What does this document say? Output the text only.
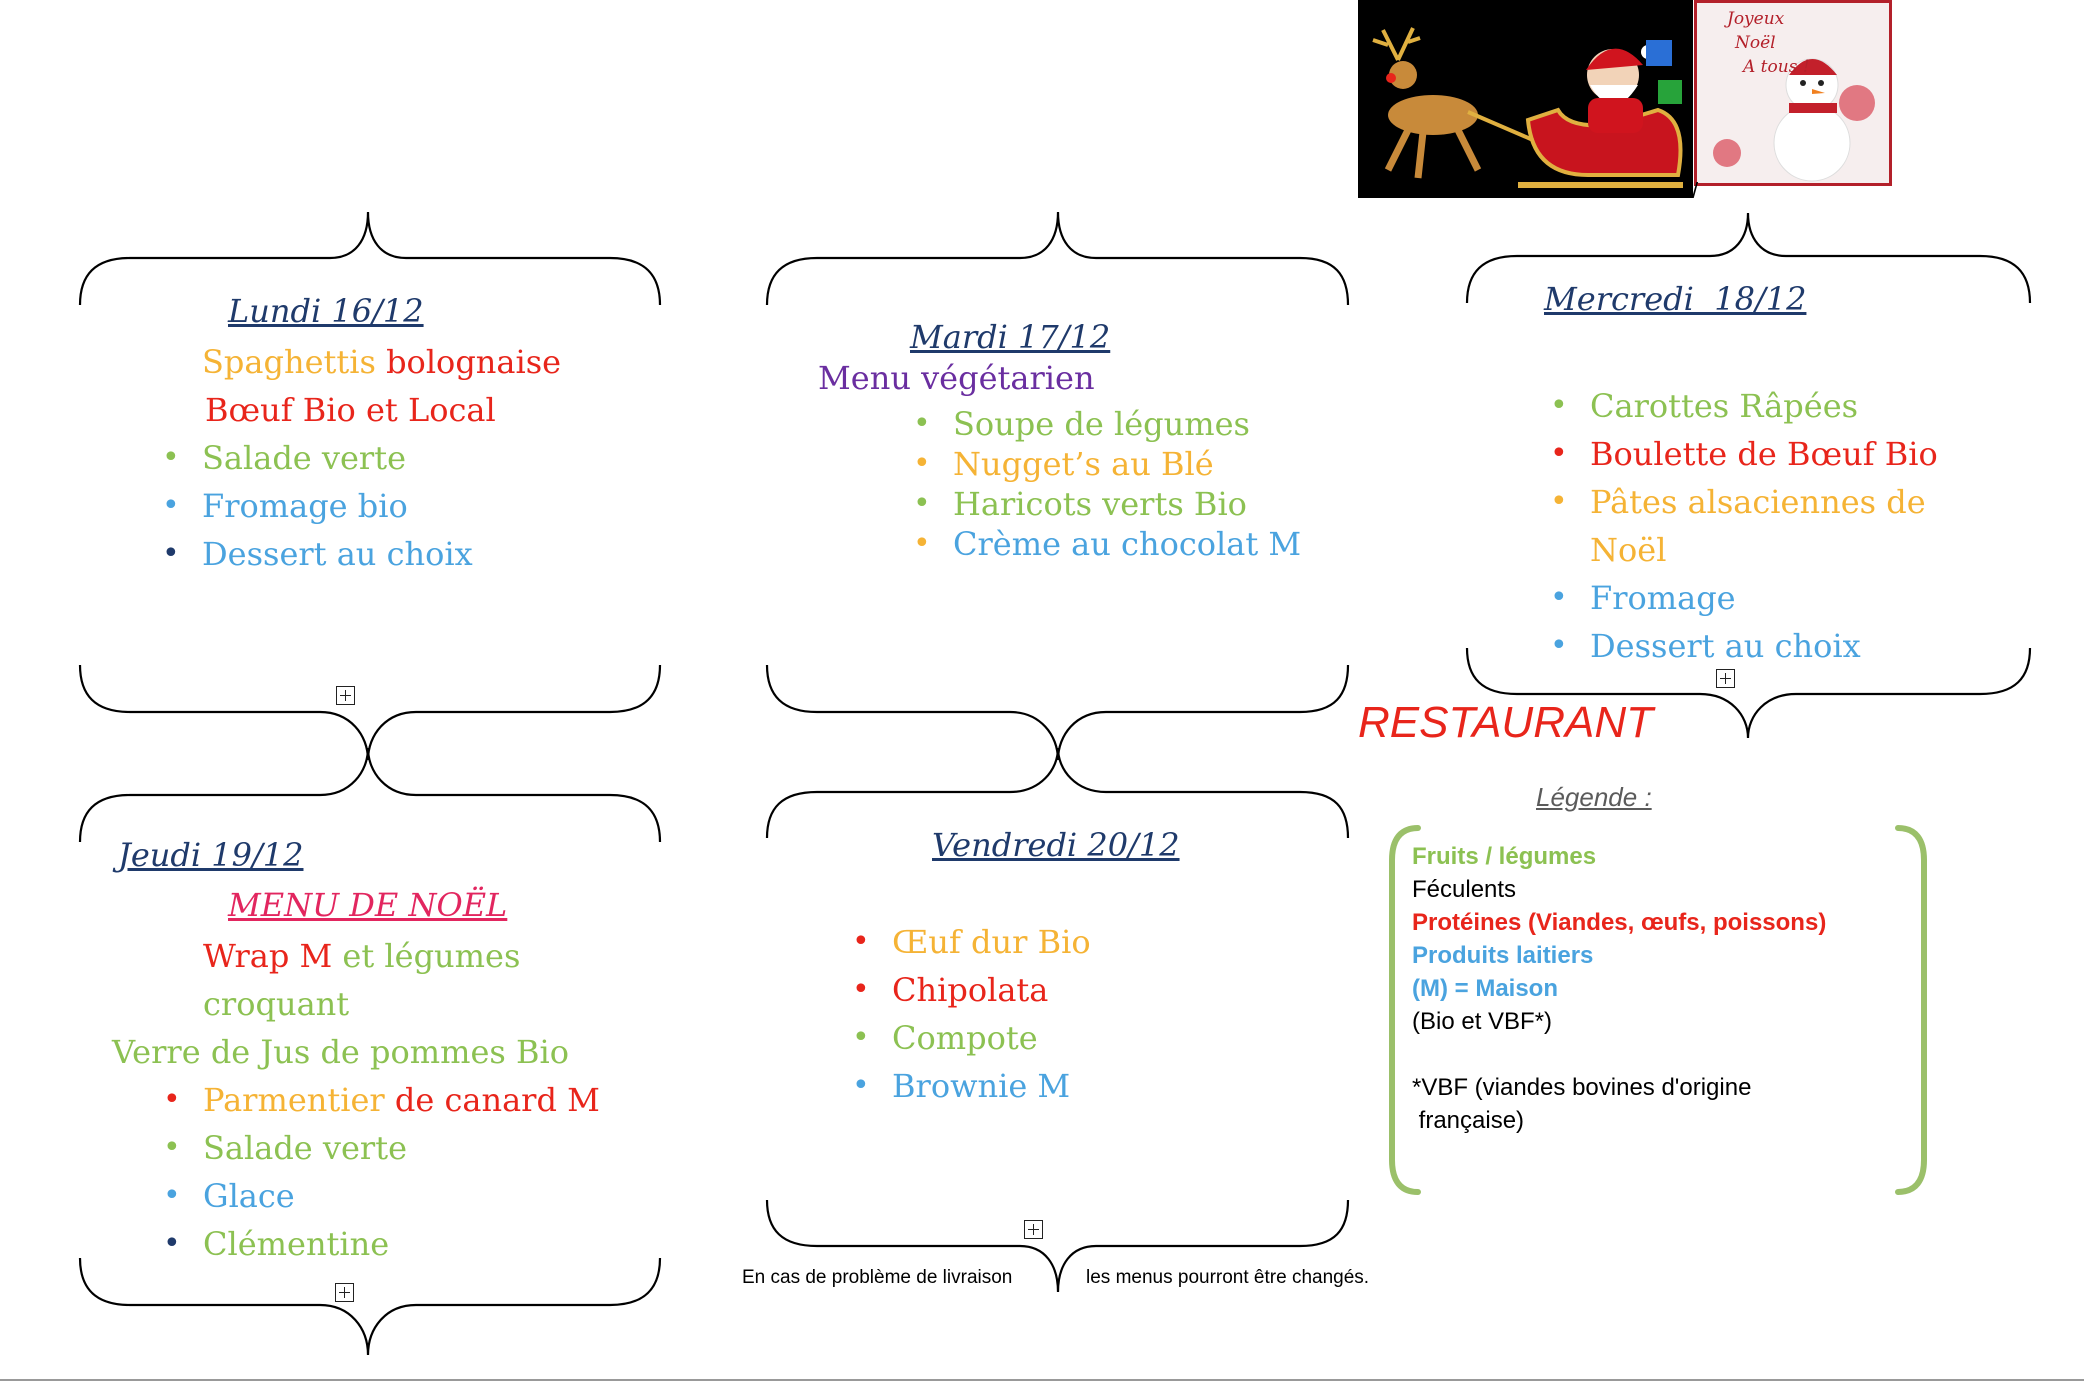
Joyeux
Noël
A tous !
/
Lundi 16/12
Spaghettis bolognaise
Bœuf Bio et Local
• Salade verte
• Fromage bio
• Dessert au choix
Mardi 17/12
Menu végétarien
• Soupe de légumes
• Nugget’s au Blé
• Haricots verts Bio
• Crème au chocolat M
Mercredi  18/12
• Carottes Râpées
• Boulette de Bœuf Bio
• Pâtes alsaciennes de
Noël
• Fromage
• Dessert au choix
RESTAURANT
Légende :
Fruits / légumes
Féculents
Protéines (Viandes, œufs, poissons)
Produits laitiers
(M) = Maison
(Bio et VBF*)
*VBF (viandes bovines d'origine
française)
Jeudi 19/12
MENU DE NOËL
Wrap M et légumes
croquant
Verre de Jus de pommes Bio
• Parmentier de canard M
• Salade verte
• Glace
• Clémentine
Vendredi 20/12
• Œuf dur Bio
• Chipolata
• Compote
• Brownie M
En cas de problème de livraison	les menus pourront être changés.
